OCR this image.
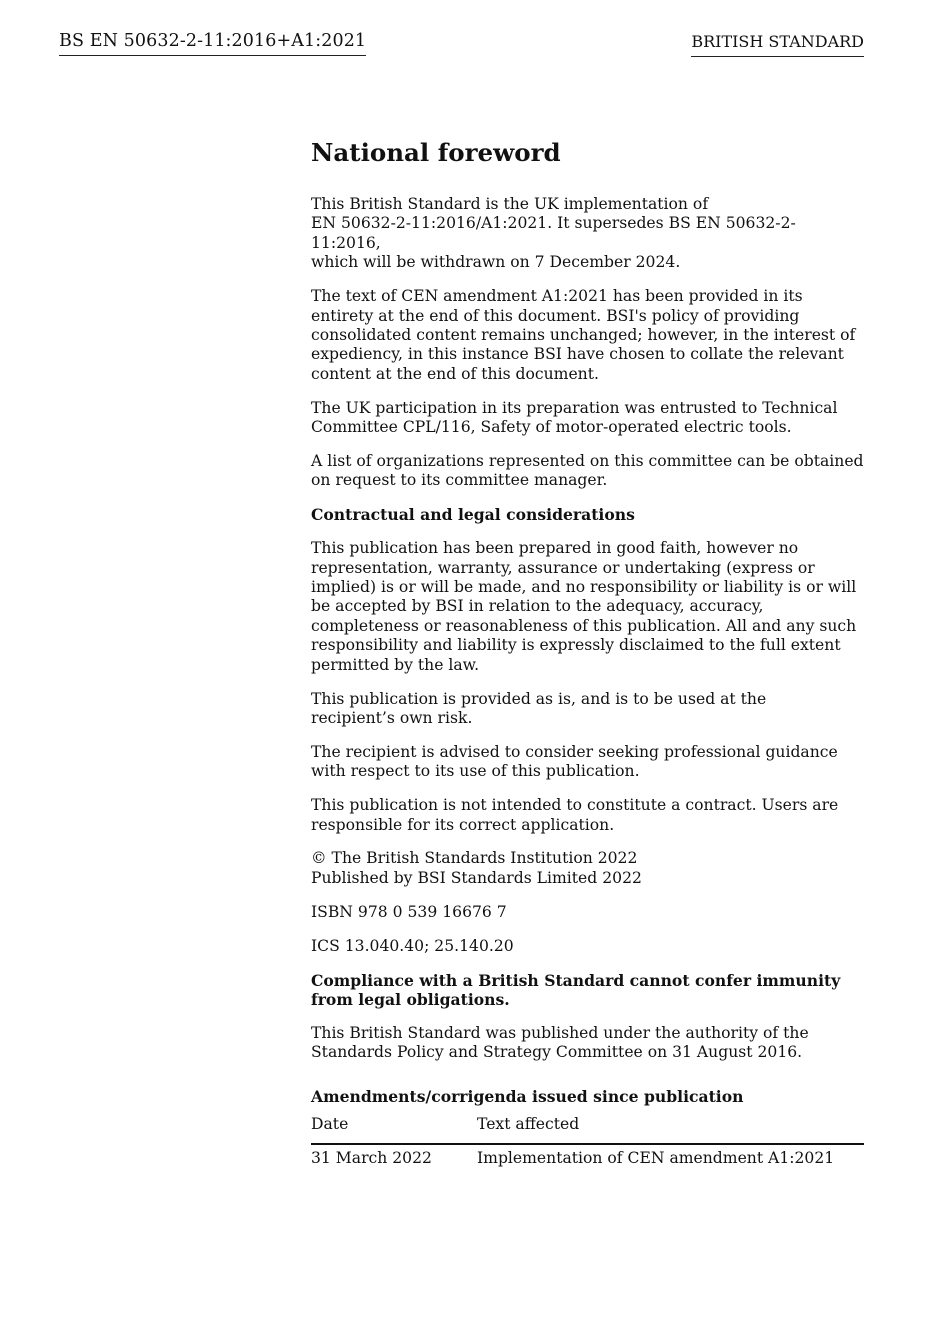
BS EN 50632-2-11:2016+A1:2021	BRITISH STANDARD
National foreword

This British Standard is the UK implementation of
EN 50632-2-11:2016/A1:2021. It supersedes BS EN 50632-2-11:2016,
which will be withdrawn on 7 December 2024.

The text of CEN amendment A1:2021 has been provided in its entirety at the end of this document. BSI's policy of providing consolidated content remains unchanged; however, in the interest of expediency, in this instance BSI have chosen to collate the relevant content at the end of this document.

The UK participation in its preparation was entrusted to Technical Committee CPL/116, Safety of motor-operated electric tools.

A list of organizations represented on this committee can be obtained on request to its committee manager.

Contractual and legal considerations

This publication has been prepared in good faith, however no representation, warranty, assurance or undertaking (express or implied) is or will be made, and no responsibility or liability is or will be accepted by BSI in relation to the adequacy, accuracy, completeness or reasonableness of this publication. All and any such responsibility and liability is expressly disclaimed to the full extent permitted by the law.

This publication is provided as is, and is to be used at the
recipient’s own risk.

The recipient is advised to consider seeking professional guidance with respect to its use of this publication.

This publication is not intended to constitute a contract. Users are responsible for its correct application.

© The British Standards Institution 2022
Published by BSI Standards Limited 2022

ISBN 978 0 539 16676 7

ICS 13.040.40; 25.140.20

Compliance with a British Standard cannot confer immunity from legal obligations.

This British Standard was published under the authority of the
Standards Policy and Strategy Committee on 31 August 2016.

Amendments/corrigenda issued since publication
Date	Text affected
31 March 2022	Implementation of CEN amendment A1:2021
